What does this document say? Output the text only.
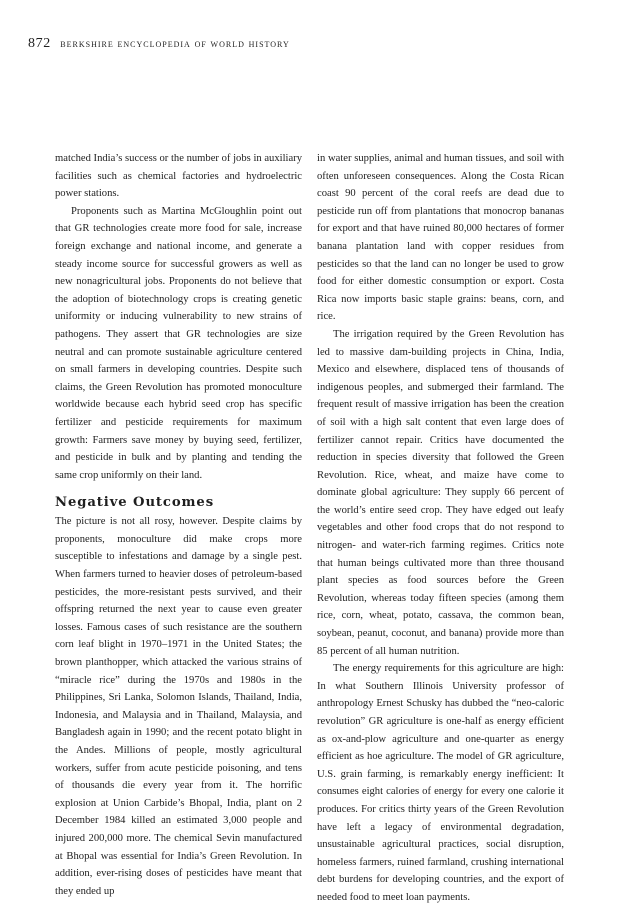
872 berkshire encyclopedia of world history

matched India’s success or the number of jobs in auxiliary facilities such as chemical factories and hydroelectric power stations.

Proponents such as Martina McGloughlin point out that GR technologies create more food for sale, increase foreign exchange and national income, and generate a steady income source for successful growers as well as new nonagricultural jobs. Proponents do not believe that the adoption of biotechnology crops is creating genetic uniformity or inducing vulnerability to new strains of pathogens. They assert that GR technologies are size neutral and can promote sustainable agriculture centered on small farmers in developing countries. Despite such claims, the Green Revolution has promoted monoculture worldwide because each hybrid seed crop has specific fertilizer and pesticide requirements for maximum growth: Farmers save money by buying seed, fertilizer, and pesticide in bulk and by planting and tending the same crop uniformly on their land.

Negative Outcomes

The picture is not all rosy, however. Despite claims by proponents, monoculture did make crops more susceptible to infestations and damage by a single pest. When farmers turned to heavier doses of petroleum-based pesticides, the more-resistant pests survived, and their offspring returned the next year to cause even greater losses. Famous cases of such resistance are the southern corn leaf blight in 1970–1971 in the United States; the brown planthopper, which attacked the various strains of “miracle rice” during the 1970s and 1980s in the Philippines, Sri Lanka, Solomon Islands, Thailand, India, Indonesia, and Malaysia and in Thailand, Malaysia, and Bangladesh again in 1990; and the recent potato blight in the Andes. Millions of people, mostly agricultural workers, suffer from acute pesticide poisoning, and tens of thousands die every year from it. The horrific explosion at Union Carbide’s Bhopal, India, plant on 2 December 1984 killed an estimated 3,000 people and injured 200,000 more. The chemical Sevin manufactured at Bhopal was essential for India’s Green Revolution. In addition, ever-rising doses of pesticides have meant that they ended up

in water supplies, animal and human tissues, and soil with often unforeseen consequences. Along the Costa Rican coast 90 percent of the coral reefs are dead due to pesticide run off from plantations that monocrop bananas for export and that have ruined 80,000 hectares of former banana plantation land with copper residues from pesticides so that the land can no longer be used to grow food for either domestic consumption or export. Costa Rica now imports basic staple grains: beans, corn, and rice.

The irrigation required by the Green Revolution has led to massive dam-building projects in China, India, Mexico and elsewhere, displaced tens of thousands of indigenous peoples, and submerged their farmland. The frequent result of massive irrigation has been the creation of soil with a high salt content that even large does of fertilizer cannot repair. Critics have documented the reduction in species diversity that followed the Green Revolution. Rice, wheat, and maize have come to dominate global agriculture: They supply 66 percent of the world’s entire seed crop. They have edged out leafy vegetables and other food crops that do not respond to nitrogen- and water-rich farming regimes. Critics note that human beings cultivated more than three thousand plant species as food sources before the Green Revolution, whereas today fifteen species (among them rice, corn, wheat, potato, cassava, the common bean, soybean, peanut, coconut, and banana) provide more than 85 percent of all human nutrition.

The energy requirements for this agriculture are high: In what Southern Illinois University professor of anthropology Ernest Schusky has dubbed the “neo-caloric revolution” GR agriculture is one-half as energy efficient as ox-and-plow agriculture and one-quarter as energy efficient as hoe agriculture. The model of GR agriculture, U.S. grain farming, is remarkably energy inefficient: It consumes eight calories of energy for every one calorie it produces. For critics thirty years of the Green Revolution have left a legacy of environmental degradation, unsustainable agricultural practices, social disruption, homeless farmers, ruined farmland, crushing international debt burdens for developing countries, and the export of needed food to meet loan payments.
